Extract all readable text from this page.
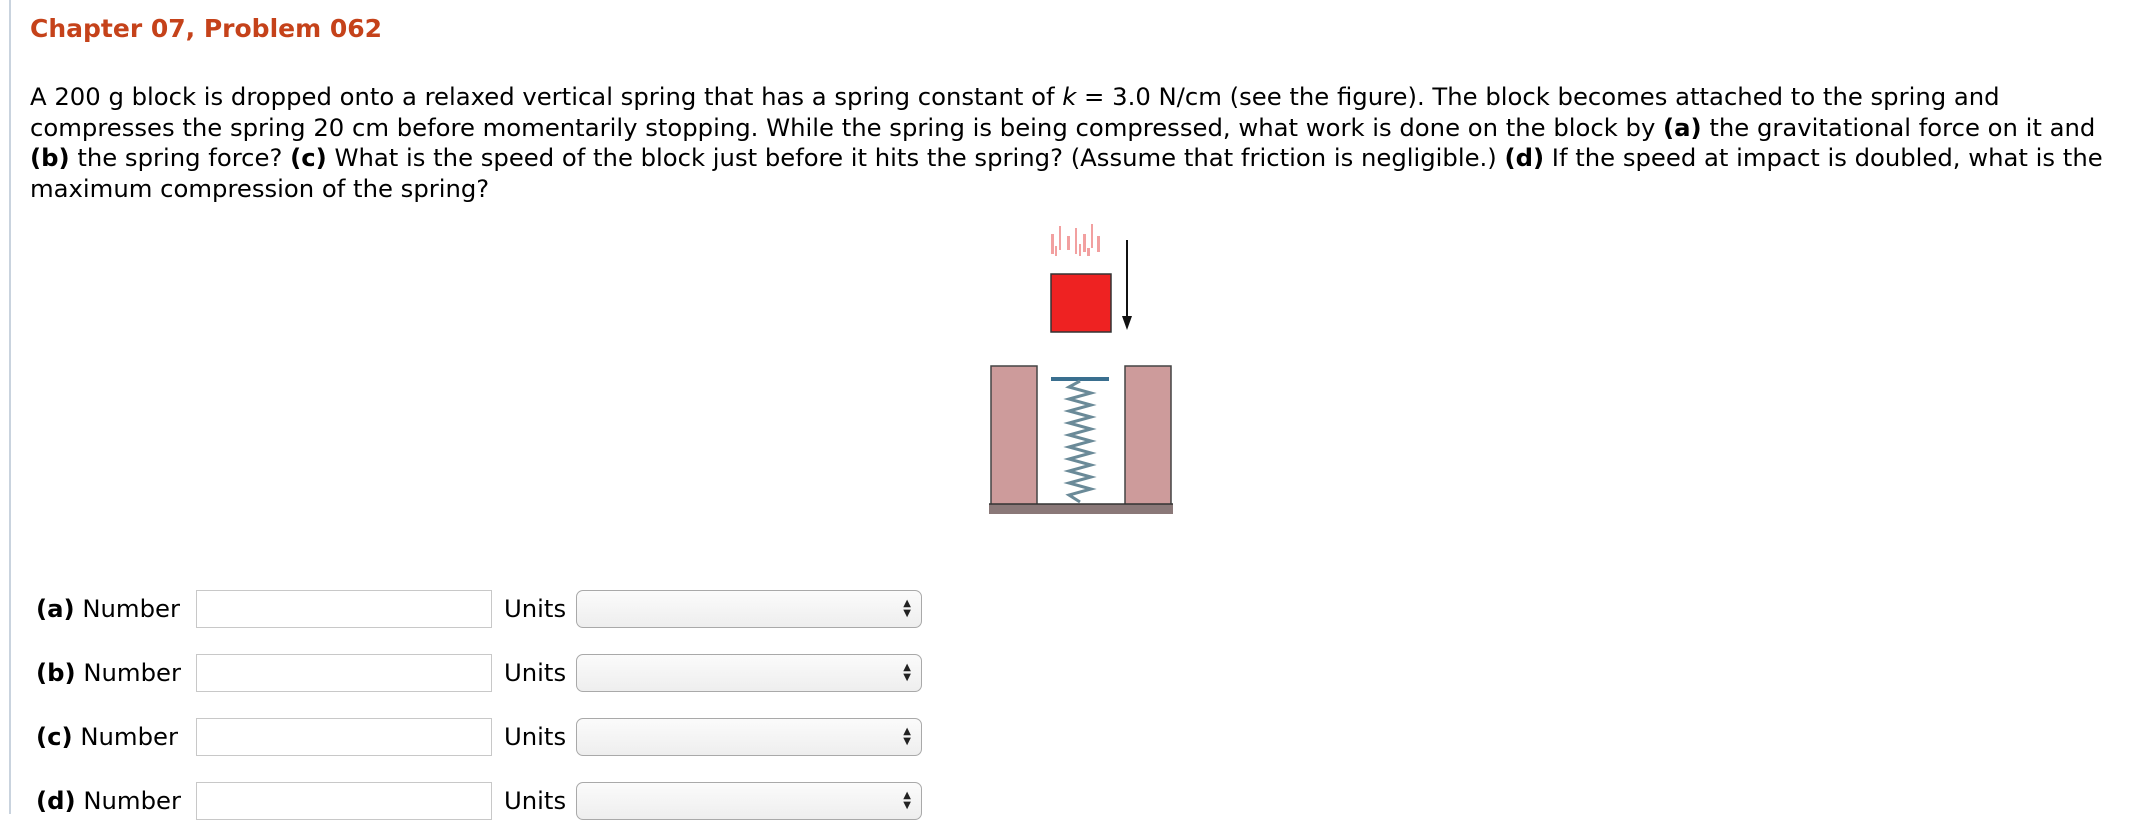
Chapter 07, Problem 062
A 200 g block is dropped onto a relaxed vertical spring that has a spring constant of k = 3.0 N/cm (see the figure). The block becomes attached to the spring and compresses the spring 20 cm before momentarily stopping. While the spring is being compressed, what work is done on the block by (a) the gravitational force on it and (b) the spring force? (c) What is the speed of the block just before it hits the spring? (Assume that friction is negligible.) (d) If the speed at impact is doubled, what is the maximum compression of the spring?
(a) Number	Units	▲
▼
(b) Number	Units	▲
▼
(c) Number	Units	▲
▼
(d) Number	Units	▲
▼
